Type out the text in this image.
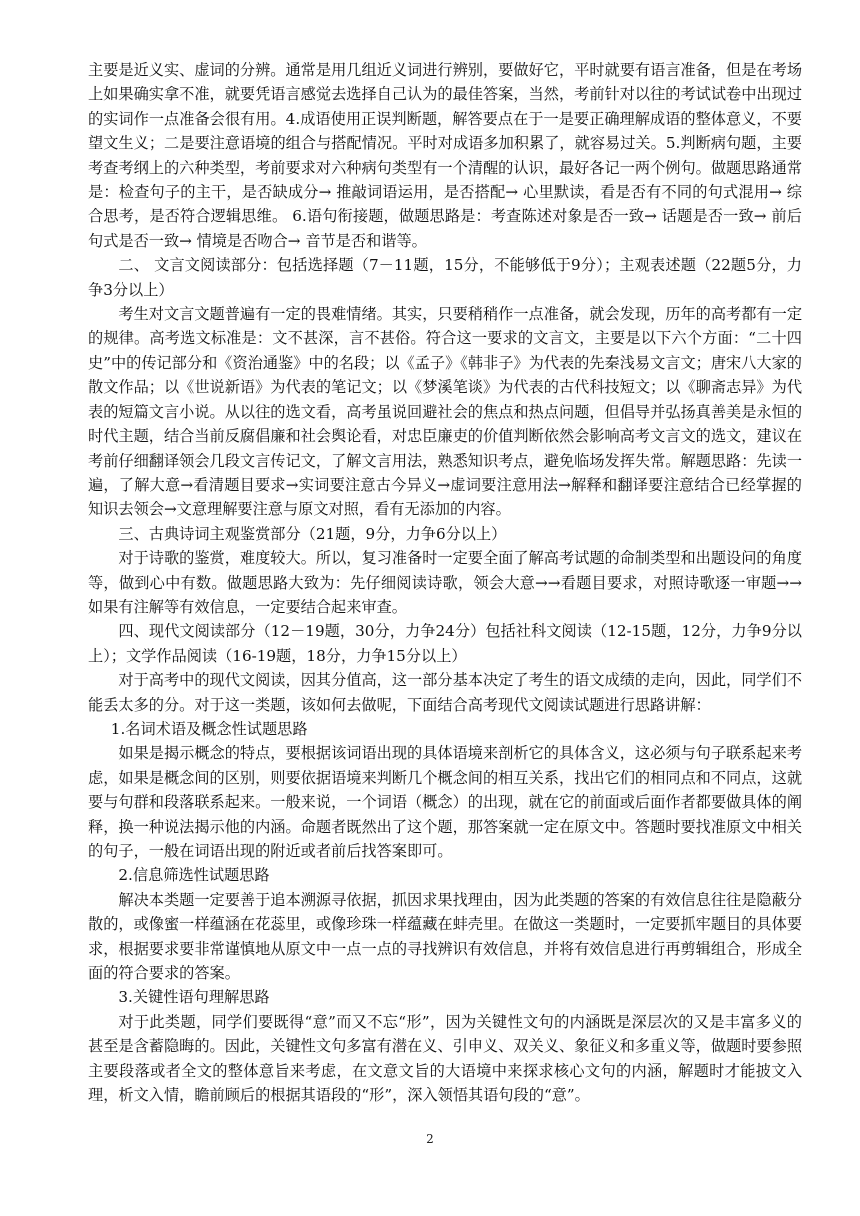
主要是近义实、虚词的分辨。通常是用几组近义词进行辨别，要做好它，平时就要有语言准备，但是在考场上如果确实拿不准，就要凭语言感觉去选择自己认为的最佳答案，当然，考前针对以往的考试试卷中出现过的实词作一点准备会很有用。4.成语使用正误判断题，解答要点在于一是要正确理解成语的整体意义，不要望文生义；二是要注意语境的组合与搭配情况。平时对成语多加积累了，就容易过关。5.判断病句题，主要考查考纲上的六种类型，考前要求对六种病句类型有一个清醒的认识，最好各记一两个例句。做题思路通常是：检查句子的主干，是否缺成分→ 推敲词语运用，是否搭配→ 心里默读，看是否有不同的句式混用→ 综合思考，是否符合逻辑思维。 6.语句衔接题，做题思路是：考查陈述对象是否一致→ 话题是否一致→ 前后句式是否一致→ 情境是否吻合→ 音节是否和谐等。

二、 文言文阅读部分：包括选择题（7－11题，15分，不能够低于9分）；主观表述题（22题5分，力争3分以上）

考生对文言文题普遍有一定的畏难情绪。其实，只要稍稍作一点准备，就会发现，历年的高考都有一定的规律。高考选文标准是：文不甚深，言不甚俗。符合这一要求的文言文，主要是以下六个方面：“二十四史”中的传记部分和《资治通鉴》中的名段；以《孟子》《韩非子》为代表的先秦浅易文言文；唐宋八大家的散文作品；以《世说新语》为代表的笔记文；以《梦溪笔谈》为代表的古代科技短文；以《聊斋志异》为代表的短篇文言小说。从以往的选文看，高考虽说回避社会的焦点和热点问题，但倡导并弘扬真善美是永恒的时代主题，结合当前反腐倡廉和社会舆论看，对忠臣廉吏的价值判断依然会影响高考文言文的选文，建议在考前仔细翻译领会几段文言传记文，了解文言用法，熟悉知识考点，避免临场发挥失常。解题思路：先读一遍，了解大意→看清题目要求→实词要注意古今异义→虚词要注意用法→解释和翻译要注意结合已经掌握的知识去领会→文意理解要注意与原文对照，看有无添加的内容。

三、古典诗词主观鉴赏部分（21题，9分，力争6分以上）

对于诗歌的鉴赏，难度较大。所以，复习准备时一定要全面了解高考试题的命制类型和出题设问的角度等，做到心中有数。做题思路大致为：先仔细阅读诗歌，领会大意→→看题目要求，对照诗歌逐一审题→→如果有注解等有效信息，一定要结合起来审查。

四、现代文阅读部分（12－19题，30分，力争24分）包括社科文阅读（12-15题，12分，力争9分以上）；文学作品阅读（16-19题，18分，力争15分以上）

对于高考中的现代文阅读，因其分值高，这一部分基本决定了考生的语文成绩的走向，因此，同学们不能丢太多的分。对于这一类题，该如何去做呢，下面结合高考现代文阅读试题进行思路讲解：

1.名词术语及概念性试题思路

如果是揭示概念的特点，要根据该词语出现的具体语境来剖析它的具体含义，这必须与句子联系起来考虑，如果是概念间的区别，则要依据语境来判断几个概念间的相互关系，找出它们的相同点和不同点，这就要与句群和段落联系起来。一般来说，一个词语（概念）的出现，就在它的前面或后面作者都要做具体的阐释，换一种说法揭示他的内涵。命题者既然出了这个题，那答案就一定在原文中。答题时要找准原文中相关的句子，一般在词语出现的附近或者前后找答案即可。

2.信息筛选性试题思路

解决本类题一定要善于追本溯源寻依据，抓因求果找理由，因为此类题的答案的有效信息往往是隐蔽分散的，或像蜜一样蕴涵在花蕊里，或像珍珠一样蕴藏在蚌壳里。在做这一类题时，一定要抓牢题目的具体要求，根据要求要非常谨慎地从原文中一点一点的寻找辨识有效信息，并将有效信息进行再剪辑组合，形成全面的符合要求的答案。

3.关键性语句理解思路

对于此类题，同学们要既得“意”而又不忘“形”，因为关键性文句的内涵既是深层次的又是丰富多义的甚至是含蓄隐晦的。因此，关键性文句多富有潜在义、引申义、双关义、象征义和多重义等，做题时要参照主要段落或者全文的整体意旨来考虑，在文意文旨的大语境中来探求核心文句的内涵，解题时才能披文入理，析文入情，瞻前顾后的根据其语段的“形”，深入领悟其语句段的“意”。

2
